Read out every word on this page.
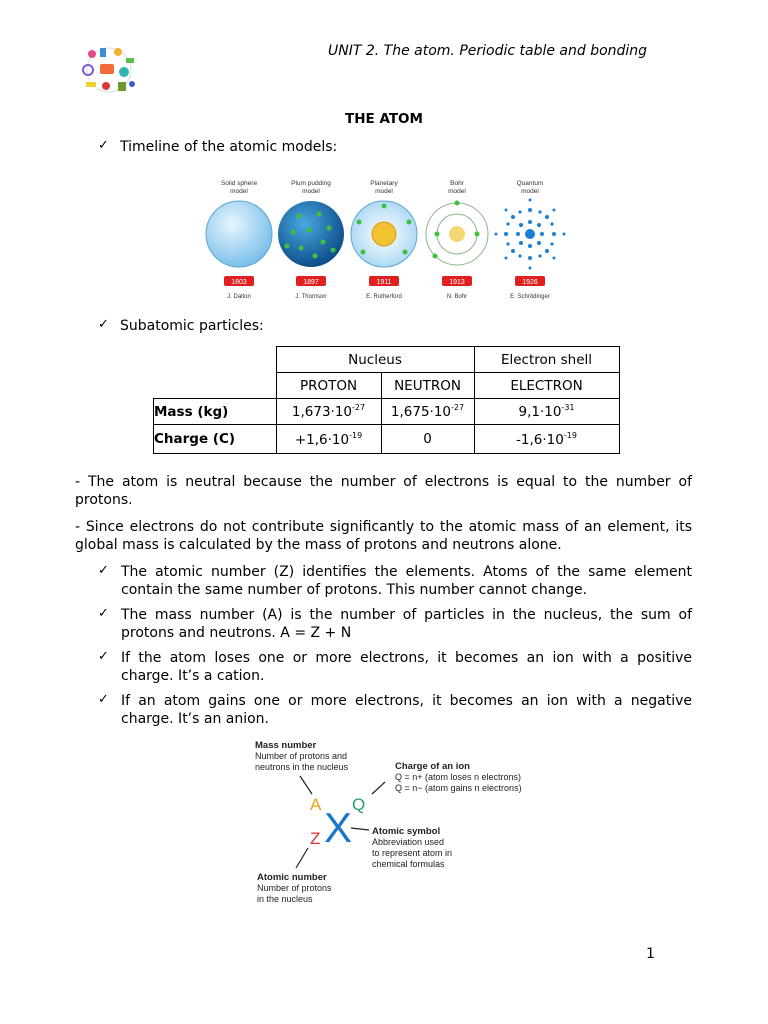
UNIT 2. The atom. Periodic table and bonding
THE ATOM
✓ Timeline of the atomic models:
Solid sphere
model
Plum pudding
model
Planetary
model
Bohr
model
Quantum
model
1803	1897	1911	1913	1926
J. Dalton	J. Thomson	E. Rutherford	N. Bohr	E. Schrödinger
✓ Subatomic particles:
	Nucleus		Electron shell
	PROTON	NEUTRON	ELECTRON
Mass (kg)	$1,673\cdot 10^{-27}$	$1,675\cdot 10^{-27}$	$9,1\cdot 10^{-31}$
Charge (C)	$+1,6\cdot 10^{-19}$	0	$-1,6\cdot 10^{-19}$
- The atom is neutral because the number of electrons is equal to the number of protons.
- Since electrons do not contribute significantly to the atomic mass of an element, its global mass is calculated by the mass of protons and neutrons alone.
✓ The atomic number (Z) identifies the elements. Atoms of the same element contain the same number of protons. This number cannot change.
✓ The mass number (A) is the number of particles in the nucleus, the sum of protons and neutrons. A = Z + N
✓ If the atom loses one or more electrons, it becomes an ion with a positive charge. It’s a cation.
✓ If an atom gains one or more electrons, it becomes an ion with a negative charge. It’s an anion.
Mass number
Number of protons and
neutrons in the nucleus	Charge of an ion
Q = n+ (atom loses n electrons)
Q = n− (atom gains n electrons)
Atomic symbol
Abbreviation used
to represent atom in
chemical formulas
Atomic number
Number of protons
in the nucleus
A Q
X
Z
1
